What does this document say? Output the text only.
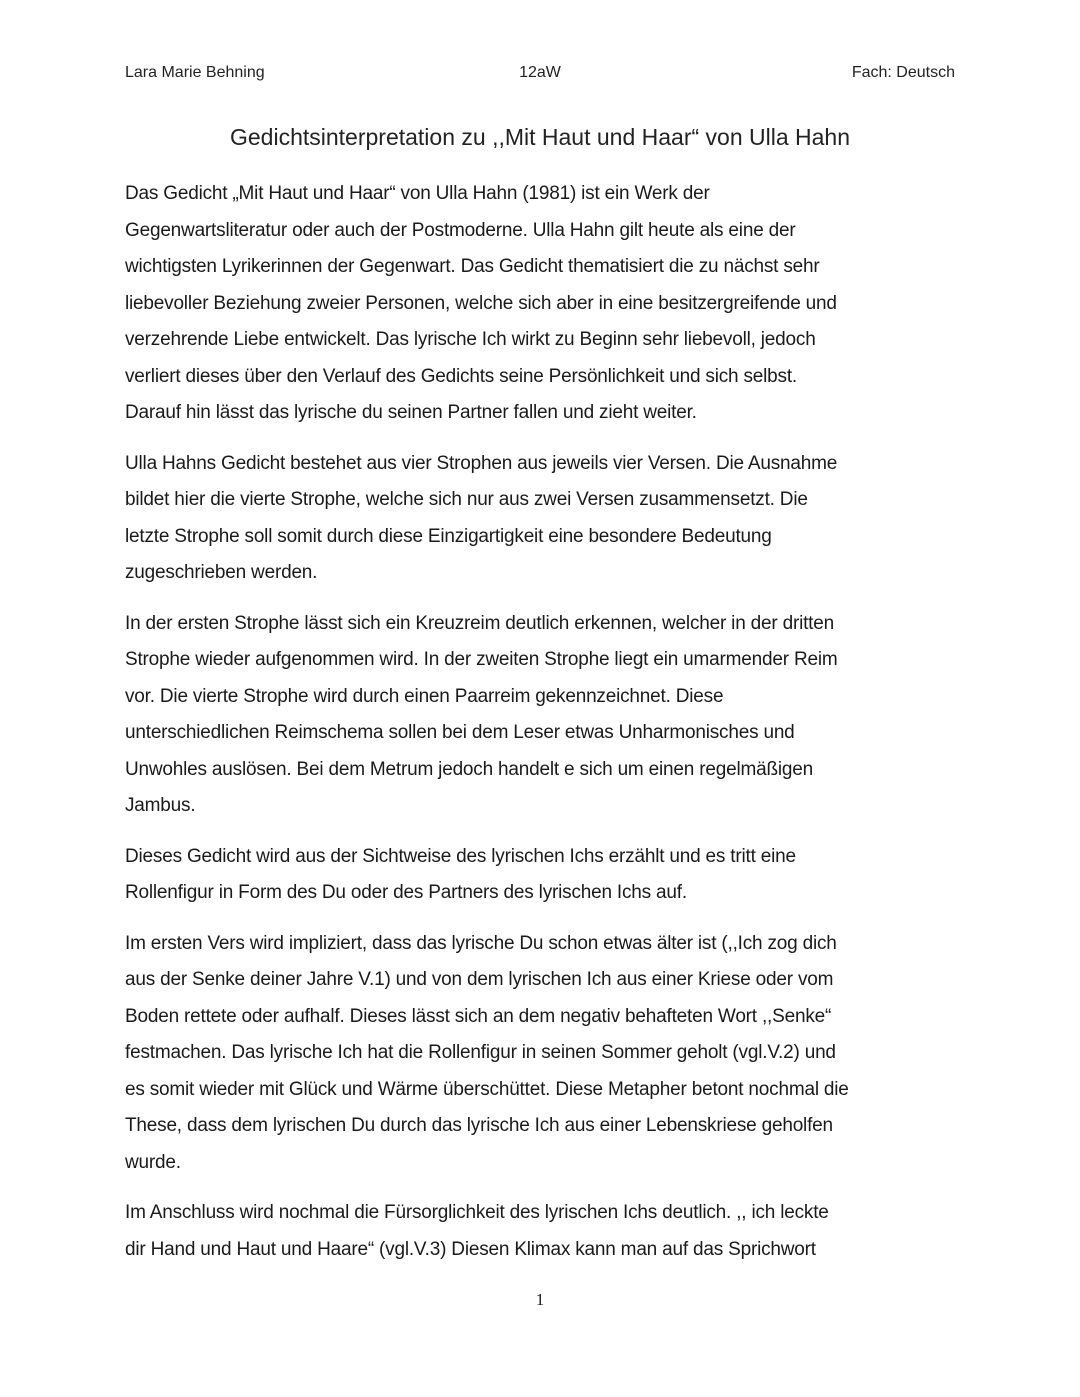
Lara Marie Behning	12aW	Fach: Deutsch
Gedichtsinterpretation zu ,,Mit Haut und Haar“ von Ulla Hahn
Das Gedicht „Mit Haut und Haar“ von Ulla Hahn (1981) ist ein Werk der
Gegenwartsliteratur oder auch der Postmoderne. Ulla Hahn gilt heute als eine der
wichtigsten Lyrikerinnen der Gegenwart. Das Gedicht thematisiert die zu nächst sehr
liebevoller Beziehung zweier Personen, welche sich aber in eine besitzergreifende und
verzehrende Liebe entwickelt. Das lyrische Ich wirkt zu Beginn sehr liebevoll, jedoch
verliert dieses über den Verlauf des Gedichts seine Persönlichkeit und sich selbst.
Darauf hin lässt das lyrische du seinen Partner fallen und zieht weiter.
Ulla Hahns Gedicht bestehet aus vier Strophen aus jeweils vier Versen. Die Ausnahme
bildet hier die vierte Strophe, welche sich nur aus zwei Versen zusammensetzt. Die
letzte Strophe soll somit durch diese Einzigartigkeit eine besondere Bedeutung
zugeschrieben werden.
In der ersten Strophe lässt sich ein Kreuzreim deutlich erkennen, welcher in der dritten
Strophe wieder aufgenommen wird. In der zweiten Strophe liegt ein umarmender Reim
vor. Die vierte Strophe wird durch einen Paarreim gekennzeichnet. Diese
unterschiedlichen Reimschema sollen bei dem Leser etwas Unharmonisches und
Unwohles auslösen. Bei dem Metrum jedoch handelt e sich um einen regelmäßigen
Jambus.
Dieses Gedicht wird aus der Sichtweise des lyrischen Ichs erzählt und es tritt eine
Rollenfigur in Form des Du oder des Partners des lyrischen Ichs auf.
Im ersten Vers wird impliziert, dass das lyrische Du schon etwas älter ist (,,Ich zog dich
aus der Senke deiner Jahre V.1) und von dem lyrischen Ich aus einer Kriese oder vom
Boden rettete oder aufhalf. Dieses lässt sich an dem negativ behafteten Wort ,,Senke“
festmachen. Das lyrische Ich hat die Rollenfigur in seinen Sommer geholt (vgl.V.2) und
es somit wieder mit Glück und Wärme überschüttet. Diese Metapher betont nochmal die
These, dass dem lyrischen Du durch das lyrische Ich aus einer Lebenskriese geholfen
wurde.
Im Anschluss wird nochmal die Fürsorglichkeit des lyrischen Ichs deutlich. ,, ich leckte
dir Hand und Haut und Haare“ (vgl.V.3) Diesen Klimax kann man auf das Sprichwort
1
